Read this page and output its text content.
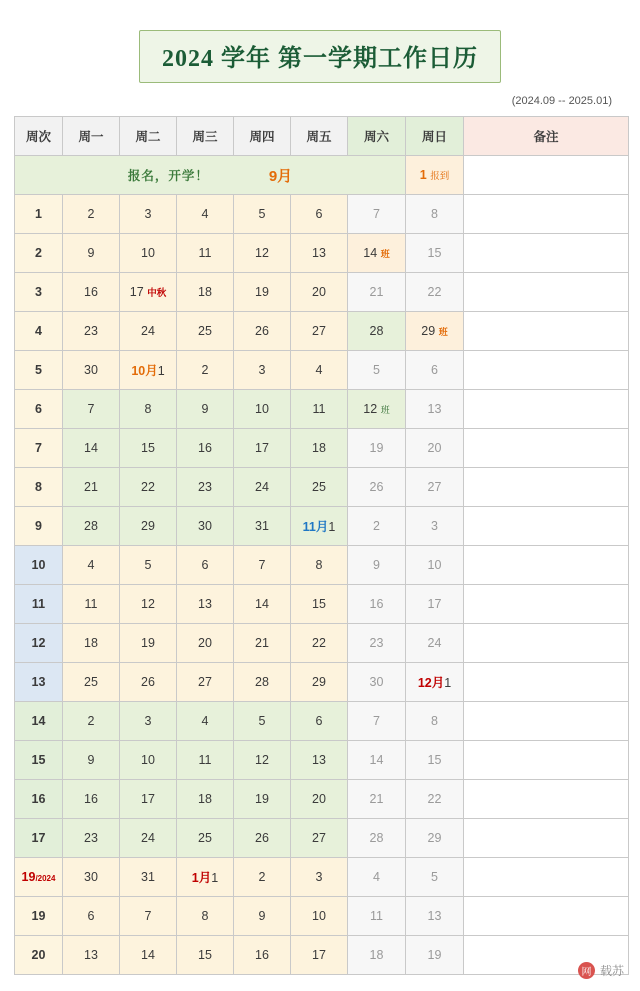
2024 学年 第一学期工作日历
(2024.09 -- 2025.01)
周次	周一	周二	周三	周四	周五	周六	周日	备注

报名，开学！ 9月							1 报到	
1	2	3	4	5	6	7	8	
2	9	10	11	12	13	14 班	15	
3	16	17 中秋	18	19	20	21	22	
4	23	24	25	26	27	28	29 班	
5	30	10月1	2	3	4	5	6	
6	7	8	9	10	11	12 班	13	
7	14	15	16	17	18	19	20	
8	21	22	23	24	25	26	27	
9	28	29	30	31	11月1	2	3	
10	4	5	6	7	8	9	10	
11	11	12	13	14	15	16	17	
12	18	19	20	21	22	23	24	
13	25	26	27	28	29	30	12月1	
14	2	3	4	5	6	7	8	
15	9	10	11	12	13	14	15	
16	16	17	18	19	20	21	22	
17	23	24	25	26	27	28	29	
19/2024	30	31	1月1	2	3	4	5	
19	6	7	8	9	10	11	13	
20	13	14	15	16	17	18	19	
网 载苏
